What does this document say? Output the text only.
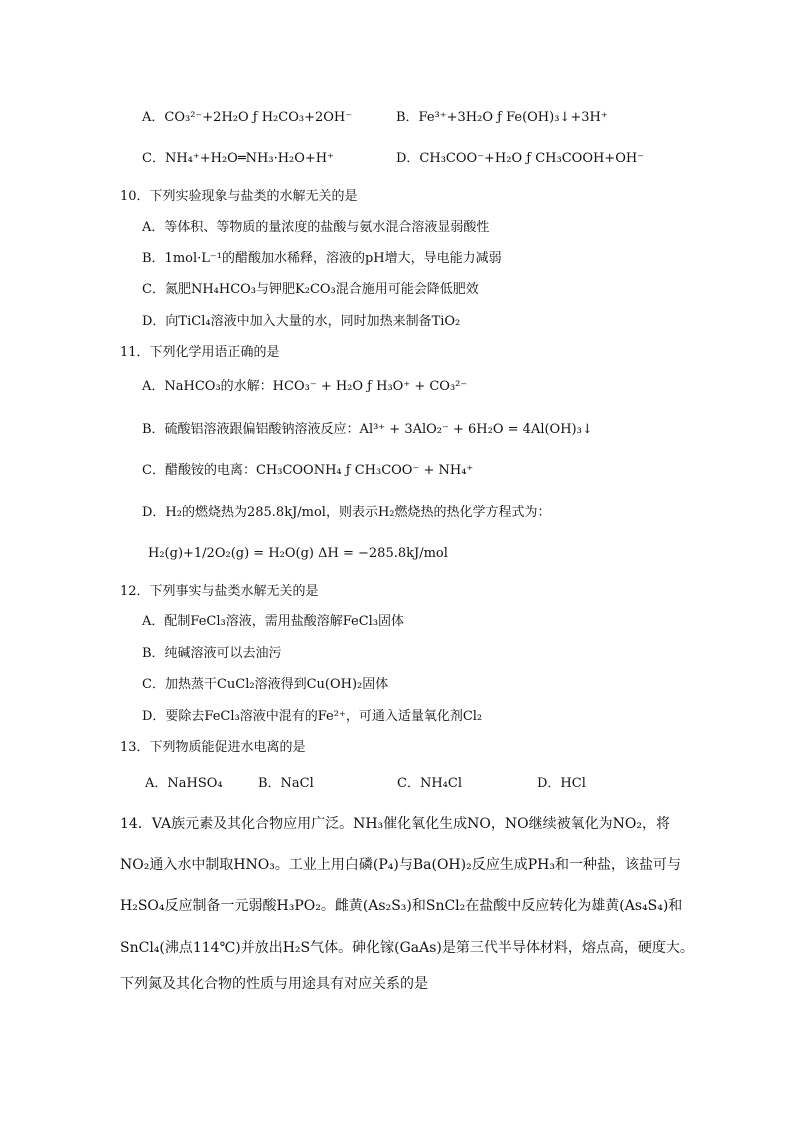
A．CO₃²⁻+2H₂O ƒ H₂CO₃+2OH⁻	B．Fe³⁺+3H₂O ƒ Fe(OH)₃↓+3H⁺
C．NH₄⁺+H₂O═NH₃·H₂O+H⁺	D．CH₃COO⁻+H₂O ƒ CH₃COOH+OH⁻
10．下列实验现象与盐类的水解无关的是
A．等体积、等物质的量浓度的盐酸与氨水混合溶液显弱酸性
B．1mol·L⁻¹的醋酸加水稀释，溶液的pH增大，导电能力减弱
C．氮肥NH₄HCO₃与钾肥K₂CO₃混合施用可能会降低肥效
D．向TiCl₄溶液中加入大量的水，同时加热来制备TiO₂
11．下列化学用语正确的是
A．NaHCO₃的水解：HCO₃⁻ + H₂O ƒ H₃O⁺ + CO₃²⁻
B．硫酸铝溶液跟偏铝酸钠溶液反应：Al³⁺ + 3AlO₂⁻ + 6H₂O = 4Al(OH)₃↓
C．醋酸铵的电离：CH₃COONH₄ ƒ CH₃COO⁻ + NH₄⁺
D．H₂的燃烧热为285.8kJ/mol，则表示H₂燃烧热的热化学方程式为：
H₂(g)+1/2O₂(g) = H₂O(g) ΔH = −285.8kJ/mol
12．下列事实与盐类水解无关的是
A．配制FeCl₃溶液，需用盐酸溶解FeCl₃固体
B．纯碱溶液可以去油污
C．加热蒸干CuCl₂溶液得到Cu(OH)₂固体
D．要除去FeCl₃溶液中混有的Fe²⁺，可通入适量氧化剂Cl₂
13．下列物质能促进水电离的是
A．NaHSO₄	B．NaCl	C．NH₄Cl	D．HCl
14．VA族元素及其化合物应用广泛。NH₃催化氧化生成NO，NO继续被氧化为NO₂，将
NO₂通入水中制取HNO₃。工业上用白磷(P₄)与Ba(OH)₂反应生成PH₃和一种盐，该盐可与
H₂SO₄反应制备一元弱酸H₃PO₂。雌黄(As₂S₃)和SnCl₂在盐酸中反应转化为雄黄(As₄S₄)和
SnCl₄(沸点114℃)并放出H₂S气体。砷化镓(GaAs)是第三代半导体材料，熔点高，硬度大。
下列氮及其化合物的性质与用途具有对应关系的是
